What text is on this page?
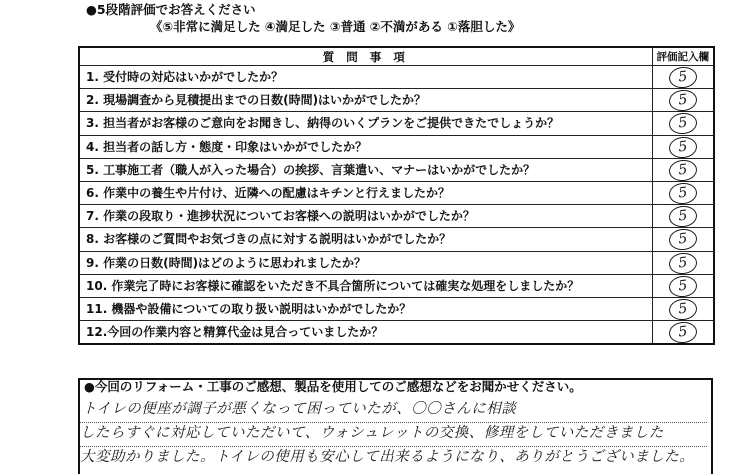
●5段階評価でお答えください
《⑤非常に満足した ④満足した ③普通 ②不満がある ①落胆した》
質 問 事 項	評価記入欄
1. 受付時の対応はいかがでしたか？	5
2. 現場調査から見積提出までの日数(時間)はいかがでしたか？	5
3. 担当者がお客様のご意向をお聞きし、納得のいくプランをご提供できたでしょうか？	5
4. 担当者の話し方・態度・印象はいかがでしたか？	5
5. 工事施工者（職人が入った場合）の挨拶、言葉遣い、マナーはいかがでしたか？	5
6. 作業中の養生や片付け、近隣への配慮はキチンと行えましたか？	5
7. 作業の段取り・進捗状況についてお客様への説明はいかがでしたか？	5
8. お客様のご質問やお気づきの点に対する説明はいかがでしたか？	5
9. 作業の日数(時間)はどのように思われましたか？	5
10. 作業完了時にお客様に確認をいただき不具合箇所については確実な処理をしましたか？	5
11. 機器や設備についての取り扱い説明はいかがでしたか？	5
12.今回の作業内容と精算代金は見合っていましたか？	5
●今回のリフォーム・工事のご感想、製品を使用してのご感想などをお聞かせください。
トイレの便座が調子が悪くなって困っていたが、〇〇さんに相談
したらすぐに対応していただいて、ウォシュレットの交換、修理をしていただきました
大変助かりました。トイレの使用も安心して出来るようになり、ありがとうございました。
